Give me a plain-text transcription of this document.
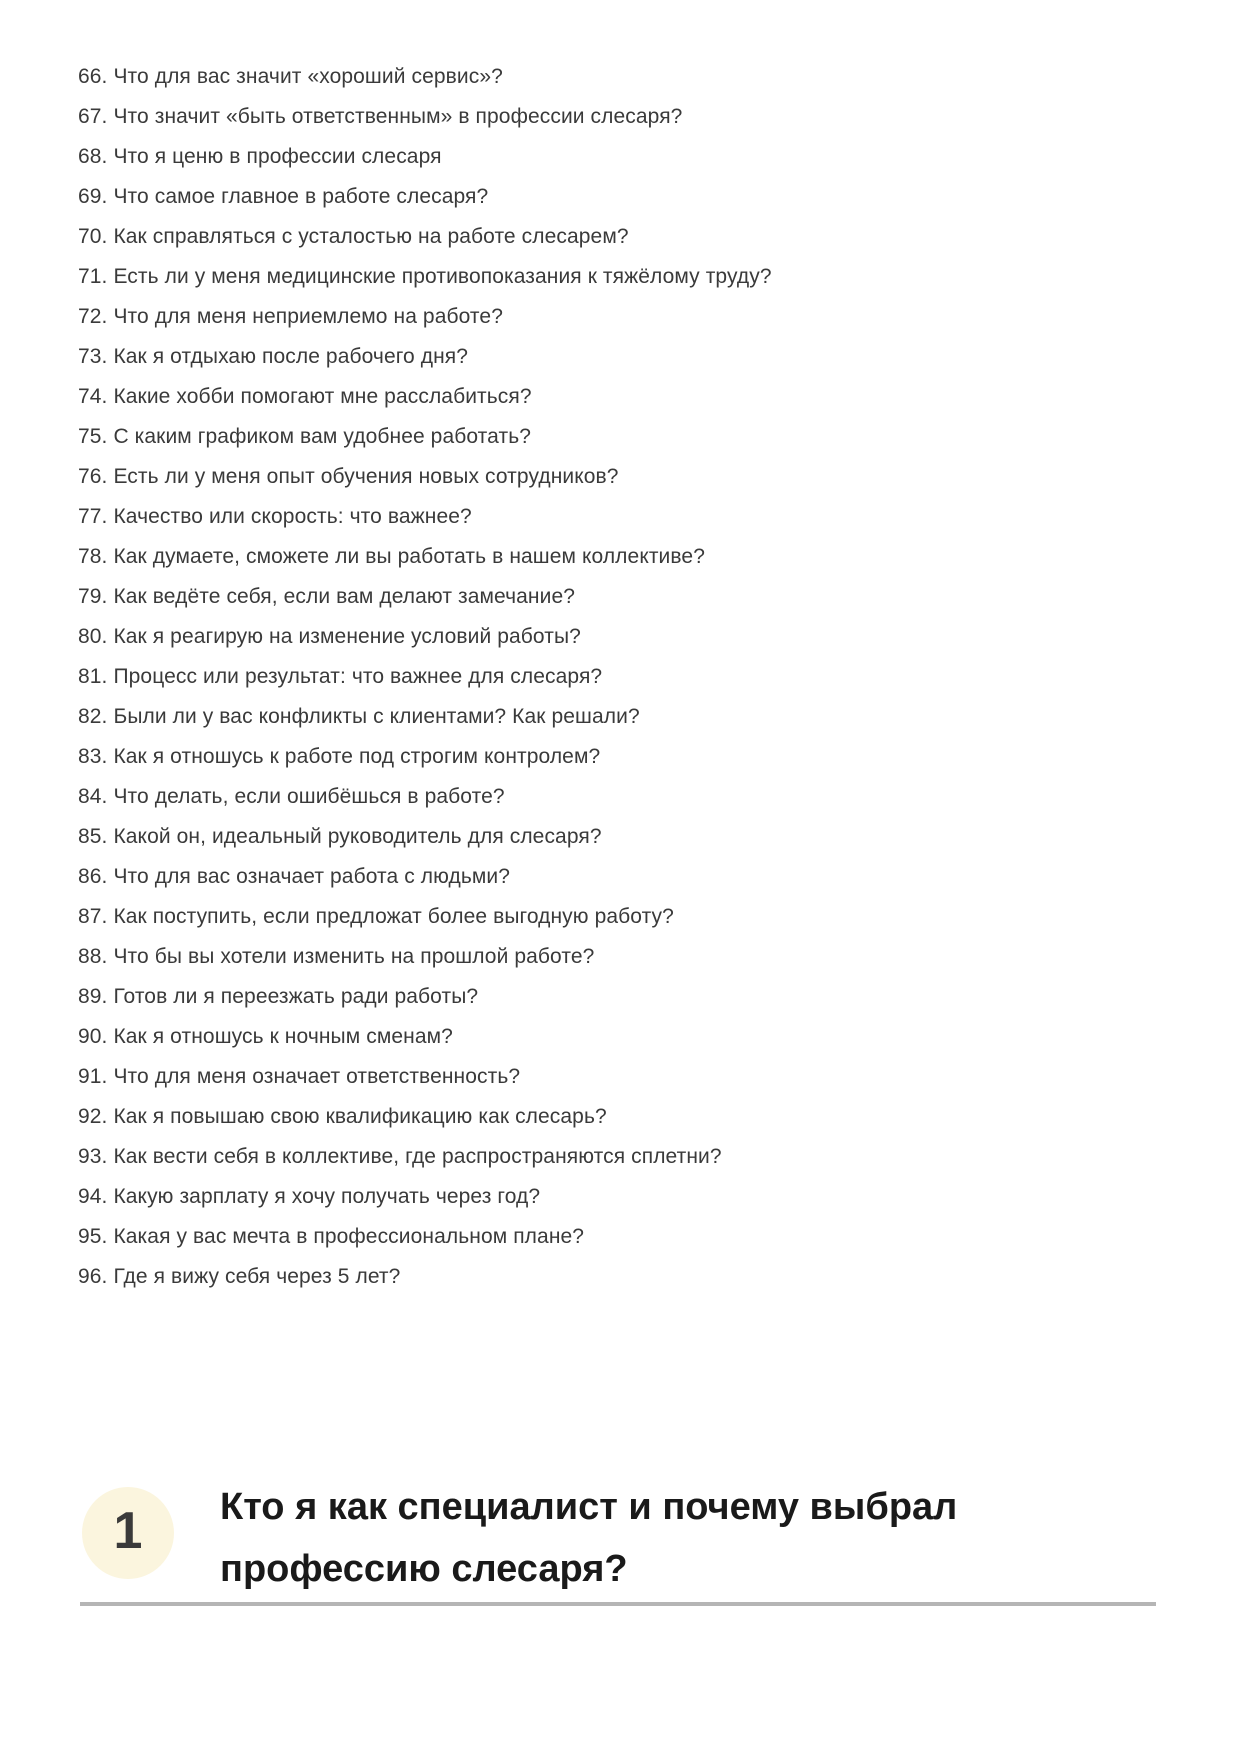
66. Что для вас значит «хороший сервис»?
67. Что значит «быть ответственным» в профессии слесаря?
68. Что я ценю в профессии слесаря
69. Что самое главное в работе слесаря?
70. Как справляться с усталостью на работе слесарем?
71. Есть ли у меня медицинские противопоказания к тяжёлому труду?
72. Что для меня неприемлемо на работе?
73. Как я отдыхаю после рабочего дня?
74. Какие хобби помогают мне расслабиться?
75. С каким графиком вам удобнее работать?
76. Есть ли у меня опыт обучения новых сотрудников?
77. Качество или скорость: что важнее?
78. Как думаете, сможете ли вы работать в нашем коллективе?
79. Как ведёте себя, если вам делают замечание?
80. Как я реагирую на изменение условий работы?
81. Процесс или результат: что важнее для слесаря?
82. Были ли у вас конфликты с клиентами? Как решали?
83. Как я отношусь к работе под строгим контролем?
84. Что делать, если ошибёшься в работе?
85. Какой он, идеальный руководитель для слесаря?
86. Что для вас означает работа с людьми?
87. Как поступить, если предложат более выгодную работу?
88. Что бы вы хотели изменить на прошлой работе?
89. Готов ли я переезжать ради работы?
90. Как я отношусь к ночным сменам?
91. Что для меня означает ответственность?
92. Как я повышаю свою квалификацию как слесарь?
93. Как вести себя в коллективе, где распространяются сплетни?
94. Какую зарплату я хочу получать через год?
95. Какая у вас мечта в профессиональном плане?
96. Где я вижу себя через 5 лет?
1 Кто я как специалист и почему выбрал
профессию слесаря?
